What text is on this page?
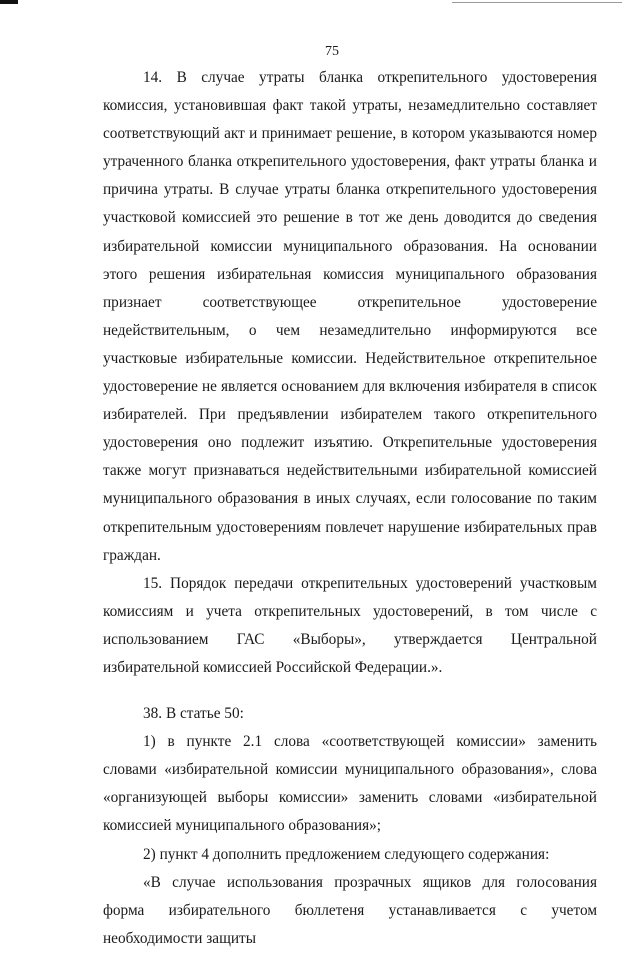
75

14. В случае утраты бланка открепительного удостоверения комиссия, установившая факт такой утраты, незамедлительно составляет соответствующий акт и принимает решение, в котором указываются номер утраченного бланка открепительного удостоверения, факт утраты бланка и причина утраты. В случае утраты бланка открепительного удостоверения участковой комиссией это решение в тот же день доводится до сведения избирательной комиссии муниципального образования. На основании этого решения избирательная комиссия муниципального образования признает соответствующее открепительное удостоверение недействительным, о чем незамедлительно информируются все участковые избирательные комиссии. Недействительное открепительное удостоверение не является основанием для включения избирателя в список избирателей. При предъявлении избирателем такого открепительного удостоверения оно подлежит изъятию. Открепительные удостоверения также могут признаваться недействительными избирательной комиссией муниципального образования в иных случаях, если голосование по таким открепительным удостоверениям повлечет нарушение избирательных прав граждан.

15. Порядок передачи открепительных удостоверений участковым комиссиям и учета открепительных удостоверений, в том числе с использованием ГАС «Выборы», утверждается Центральной избирательной комиссией Российской Федерации.».

38. В статье 50:

1) в пункте 2.1 слова «соответствующей комиссии» заменить словами «избирательной комиссии муниципального образования», слова «организующей выборы комиссии» заменить словами «избирательной комиссией муниципального образования»;

2) пункт 4 дополнить предложением следующего содержания:

«В случае использования прозрачных ящиков для голосования форма избирательного бюллетеня устанавливается с учетом необходимости защиты
